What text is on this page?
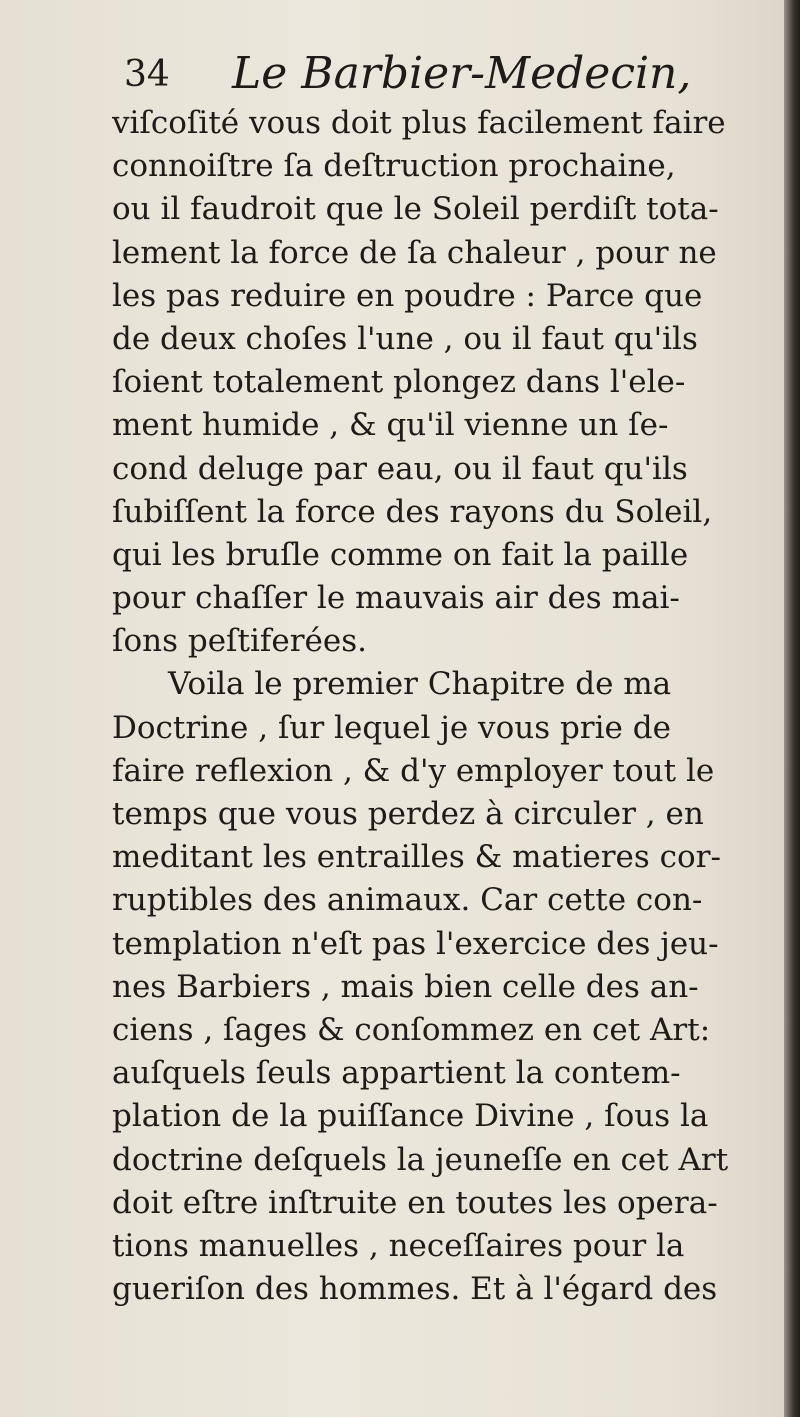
34 Le Barbier-Medecin,
viſcoſité vous doit plus facilement faire
connoiſtre ſa deſtruction prochaine,
ou il faudroit que le Soleil perdiſt tota-
lement la force de ſa chaleur , pour ne
les pas reduire en poudre : Parce que
de deux choſes l'une , ou il faut qu'ils
ſoient totalement plongez dans l'ele-
ment humide , & qu'il vienne un ſe-
cond deluge par eau, ou il faut qu'ils
ſubiſſent la force des rayons du Soleil,
qui les bruſle comme on fait la paille
pour chaſſer le mauvais air des mai-
ſons peſtiferées.
Voila le premier Chapitre de ma
Doctrine , ſur lequel je vous prie de
faire reflexion , & d'y employer tout le
temps que vous perdez à circuler , en
meditant les entrailles & matieres cor-
ruptibles des animaux. Car cette con-
templation n'eſt pas l'exercice des jeu-
nes Barbiers , mais bien celle des an-
ciens , ſages & conſommez en cet Art:
auſquels ſeuls appartient la contem-
plation de la puiſſance Divine , ſous la
doctrine deſquels la jeuneſſe en cet Art
doit eſtre inſtruite en toutes les opera-
tions manuelles , neceſſaires pour la
gueriſon des hommes. Et à l'égard des
